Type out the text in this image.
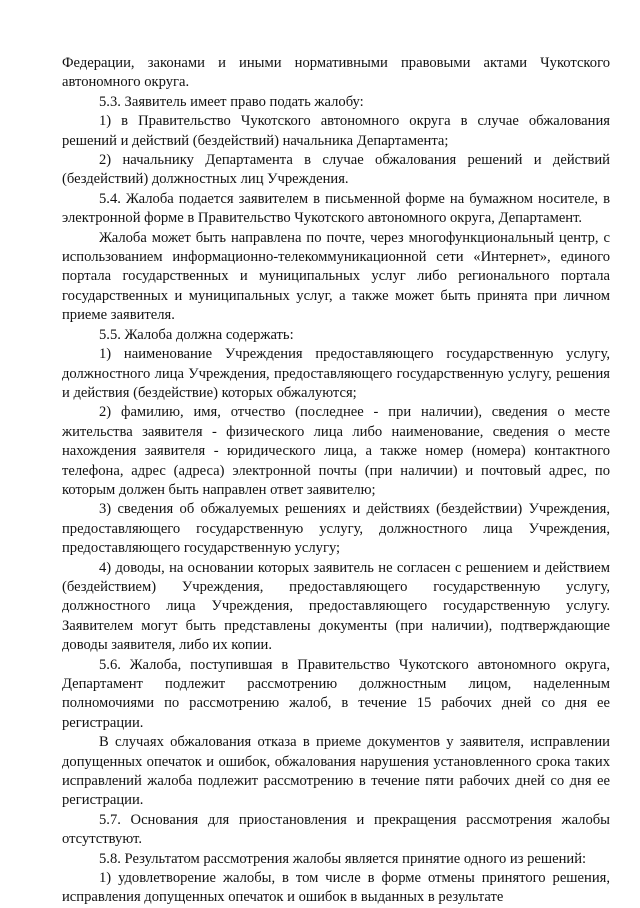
Федерации, законами и иными нормативными правовыми актами Чукотского автономного округа.

5.3. Заявитель имеет право подать жалобу:

1) в Правительство Чукотского автономного округа в случае обжалования решений и действий (бездействий) начальника Департамента;

2) начальнику Департамента в случае обжалования решений и действий (бездействий) должностных лиц Учреждения.

5.4. Жалоба подается заявителем в письменной форме на бумажном носителе, в электронной форме в Правительство Чукотского автономного округа, Департамент.

Жалоба может быть направлена по почте, через многофункциональный центр, с использованием информационно-телекоммуникационной сети «Интернет», единого портала государственных и муниципальных услуг либо регионального портала государственных и муниципальных услуг, а также может быть принята при личном приеме заявителя.

5.5. Жалоба должна содержать:

1) наименование Учреждения предоставляющего государственную услугу, должностного лица Учреждения, предоставляющего государственную услугу, решения и действия (бездействие) которых обжалуются;

2) фамилию, имя, отчество (последнее - при наличии), сведения о месте жительства заявителя - физического лица либо наименование, сведения о месте нахождения заявителя - юридического лица, а также номер (номера) контактного телефона, адрес (адреса) электронной почты (при наличии) и почтовый адрес, по которым должен быть направлен ответ заявителю;

3) сведения об обжалуемых решениях и действиях (бездействии) Учреждения, предоставляющего государственную услугу, должностного лица Учреждения, предоставляющего государственную услугу;

4) доводы, на основании которых заявитель не согласен с решением и действием (бездействием) Учреждения, предоставляющего государственную услугу, должностного лица Учреждения, предоставляющего государственную услугу. Заявителем могут быть представлены документы (при наличии), подтверждающие доводы заявителя, либо их копии.

5.6. Жалоба, поступившая в Правительство Чукотского автономного округа, Департамент подлежит рассмотрению должностным лицом, наделенным полномочиями по рассмотрению жалоб, в течение 15 рабочих дней со дня ее регистрации.

В случаях обжалования отказа в приеме документов у заявителя, исправлении допущенных опечаток и ошибок, обжалования нарушения установленного срока таких исправлений жалоба подлежит рассмотрению в течение пяти рабочих дней со дня ее регистрации.

5.7. Основания для приостановления и прекращения рассмотрения жалобы отсутствуют.

5.8. Результатом рассмотрения жалобы является принятие одного из решений:

1) удовлетворение жалобы, в том числе в форме отмены принятого решения, исправления допущенных опечаток и ошибок в выданных в результате
